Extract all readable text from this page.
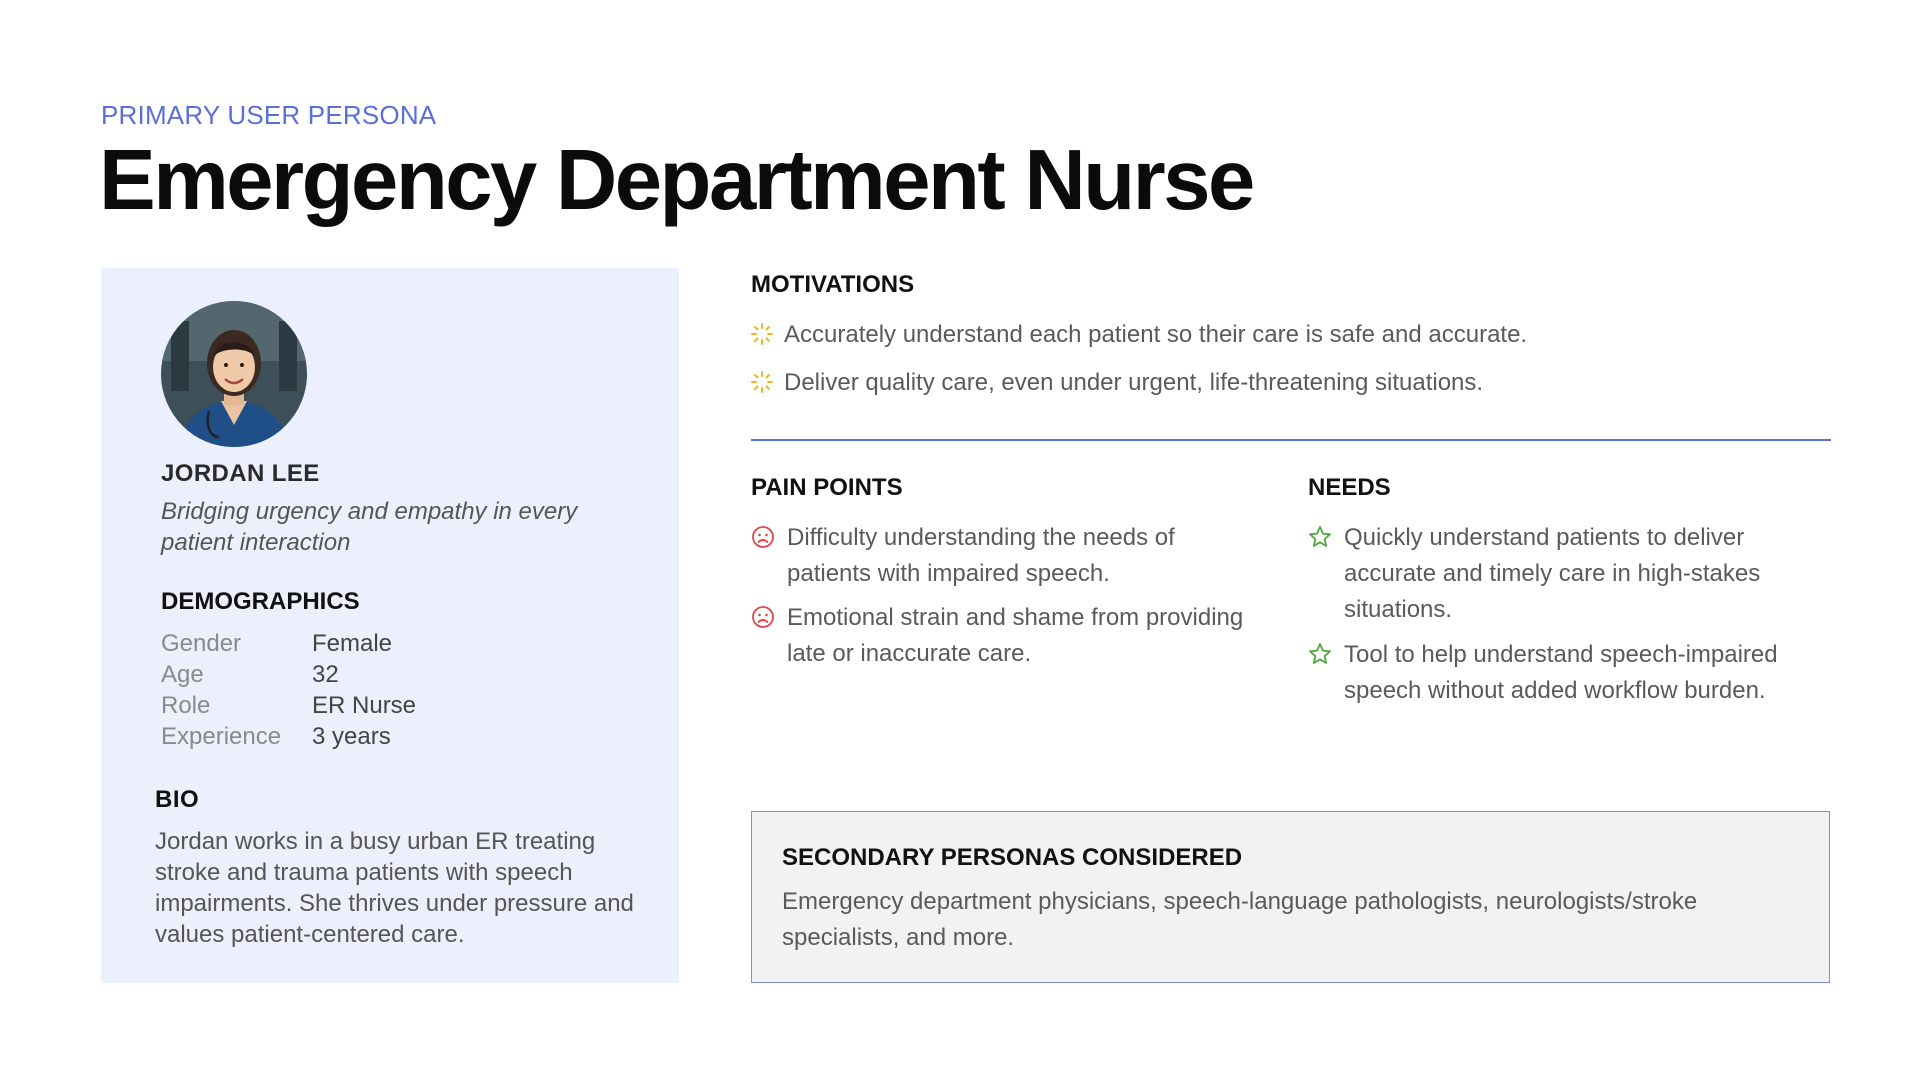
PRIMARY USER PERSONA
Emergency Department Nurse
JORDAN LEE
Bridging urgency and empathy in every patient interaction
DEMOGRAPHICS
Gender	Female
Age	32
Role	ER Nurse
Experience	3 years
BIO
Jordan works in a busy urban ER treating stroke and trauma patients with speech impairments. She thrives under pressure and values patient-centered care.
MOTIVATIONS
Accurately understand each patient so their care is safe and accurate.
Deliver quality care, even under urgent, life-threatening situations.
PAIN POINTS
Difficulty understanding the needs of patients with impaired speech.
Emotional strain and shame from providing late or inaccurate care.
NEEDS
Quickly understand patients to deliver accurate and timely care in high-stakes situations.
Tool to help understand speech-impaired speech without added workflow burden.
SECONDARY PERSONAS CONSIDERED
Emergency department physicians, speech-language pathologists, neurologists/stroke specialists, and more.
